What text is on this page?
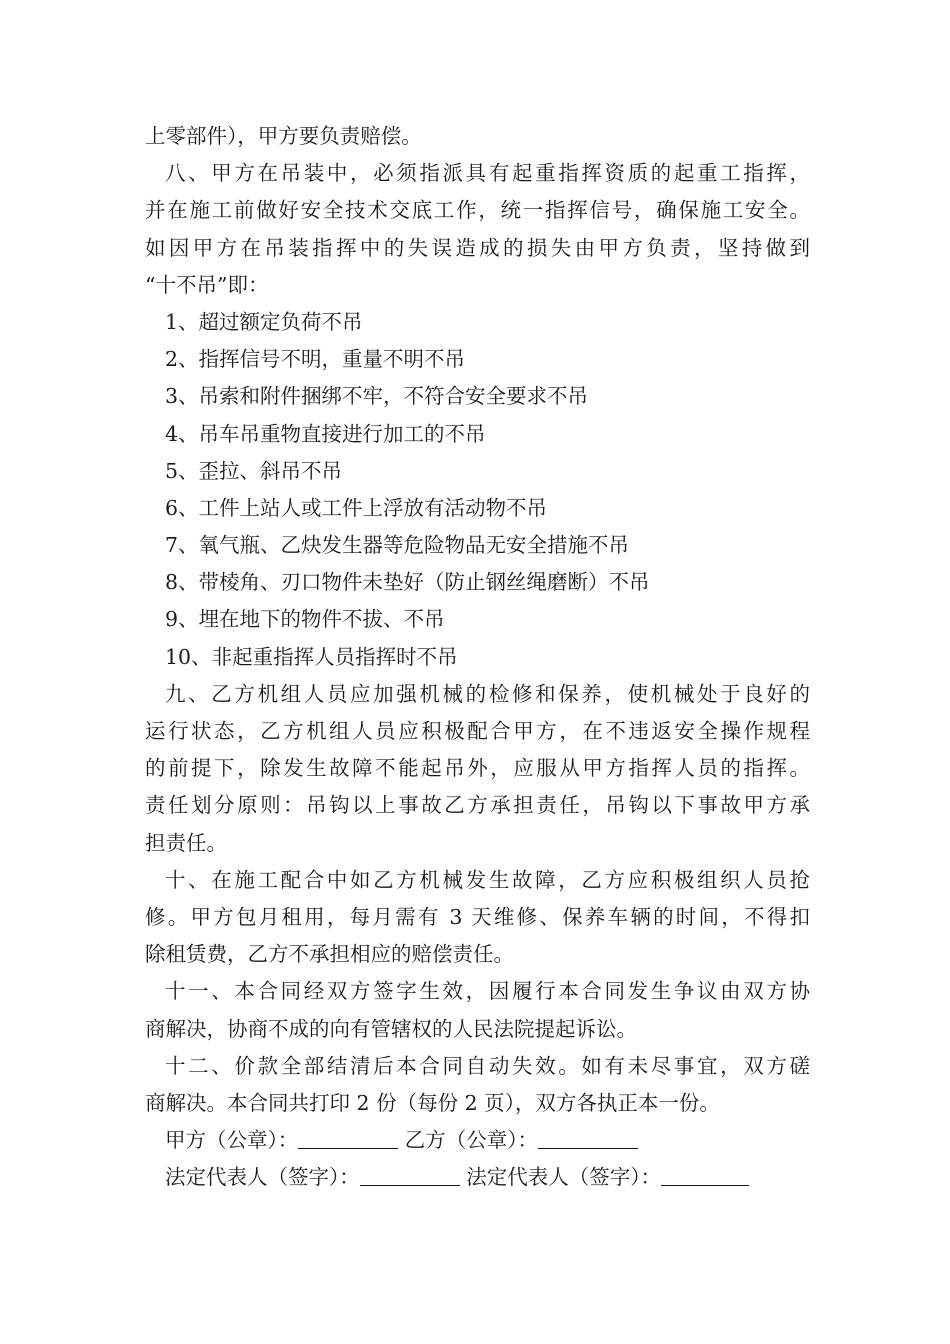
上零部件），甲方要负责赔偿。
八、甲方在吊装中，必须指派具有起重指挥资质的起重工指挥，
并在施工前做好安全技术交底工作，统一指挥信号，确保施工安全。
如因甲方在吊装指挥中的失误造成的损失由甲方负责，坚持做到
“十不吊”即：
1、超过额定负荷不吊
2、指挥信号不明，重量不明不吊
3、吊索和附件捆绑不牢，不符合安全要求不吊
4、吊车吊重物直接进行加工的不吊
5、歪拉、斜吊不吊
6、工件上站人或工件上浮放有活动物不吊
7、氧气瓶、乙炔发生器等危险物品无安全措施不吊
8、带棱角、刃口物件未垫好（防止钢丝绳磨断）不吊
9、埋在地下的物件不拔、不吊
10、非起重指挥人员指挥时不吊
九、乙方机组人员应加强机械的检修和保养，使机械处于良好的
运行状态，乙方机组人员应积极配合甲方，在不违返安全操作规程
的前提下，除发生故障不能起吊外，应服从甲方指挥人员的指挥。
责任划分原则：吊钩以上事故乙方承担责任，吊钩以下事故甲方承
担责任。
十、在施工配合中如乙方机械发生故障，乙方应积极组织人员抢
修。甲方包月租用，每月需有 3 天维修、保养车辆的时间，不得扣
除租赁费，乙方不承担相应的赔偿责任。
十一、本合同经双方签字生效，因履行本合同发生争议由双方协
商解决，协商不成的向有管辖权的人民法院提起诉讼。
十二、价款全部结清后本合同自动失效。如有未尽事宜，双方磋
商解决。本合同共打印 2 份（每份 2 页），双方各执正本一份。
甲方（公章）：	乙方（公章）：
法定代表人（签字）：	法定代表人（签字）：
